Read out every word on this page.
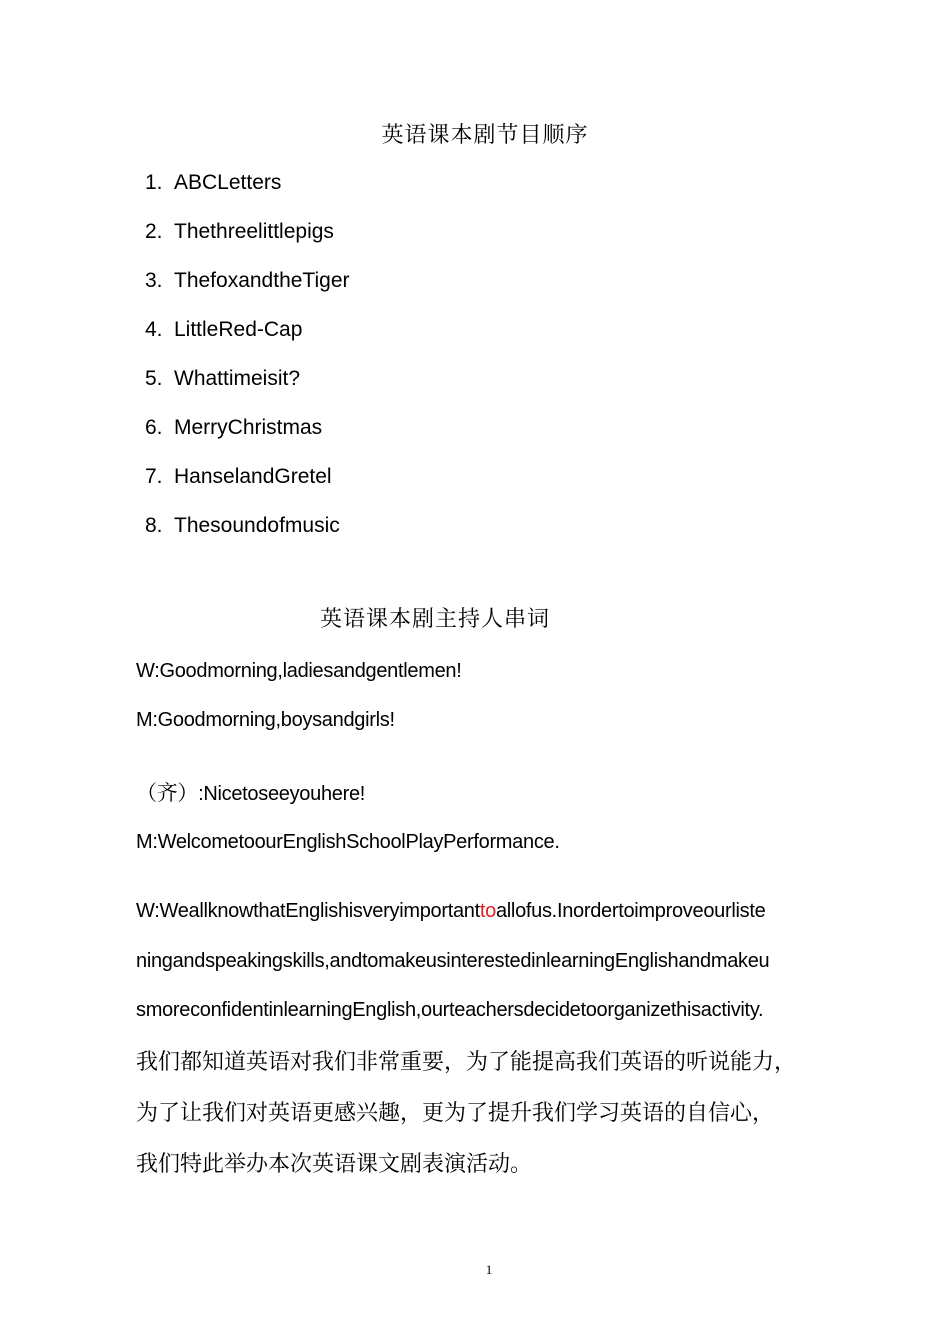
英语课本剧节目顺序
1. ABCLetters
2. Thethreelittlepigs
3. ThefoxandtheTiger
4. LittleRed-Cap
5. Whattimeisit?
6. MerryChristmas
7. HanselandGretel
8. Thesoundofmusic
英语课本剧主持人串词
W:Goodmorning,ladiesandgentlemen!
M:Goodmorning,boysandgirls!
（齐）:Nicetoseeyouhere!
M:WelcometoourEnglishSchoolPlayPerformance.
W:WeallknowthatEnglishisveryimportanttoallofus.Inordertoimproveourliste
ningandspeakingskills,andtomakeusinterestedinlearningEnglishandmakeu
smoreconfidentinlearningEnglish,ourteachersdecidetoorganizethisactivity.
我们都知道英语对我们非常重要，为了能提高我们英语的听说能力，
为了让我们对英语更感兴趣，更为了提升我们学习英语的自信心，
我们特此举办本次英语课文剧表演活动。
1
